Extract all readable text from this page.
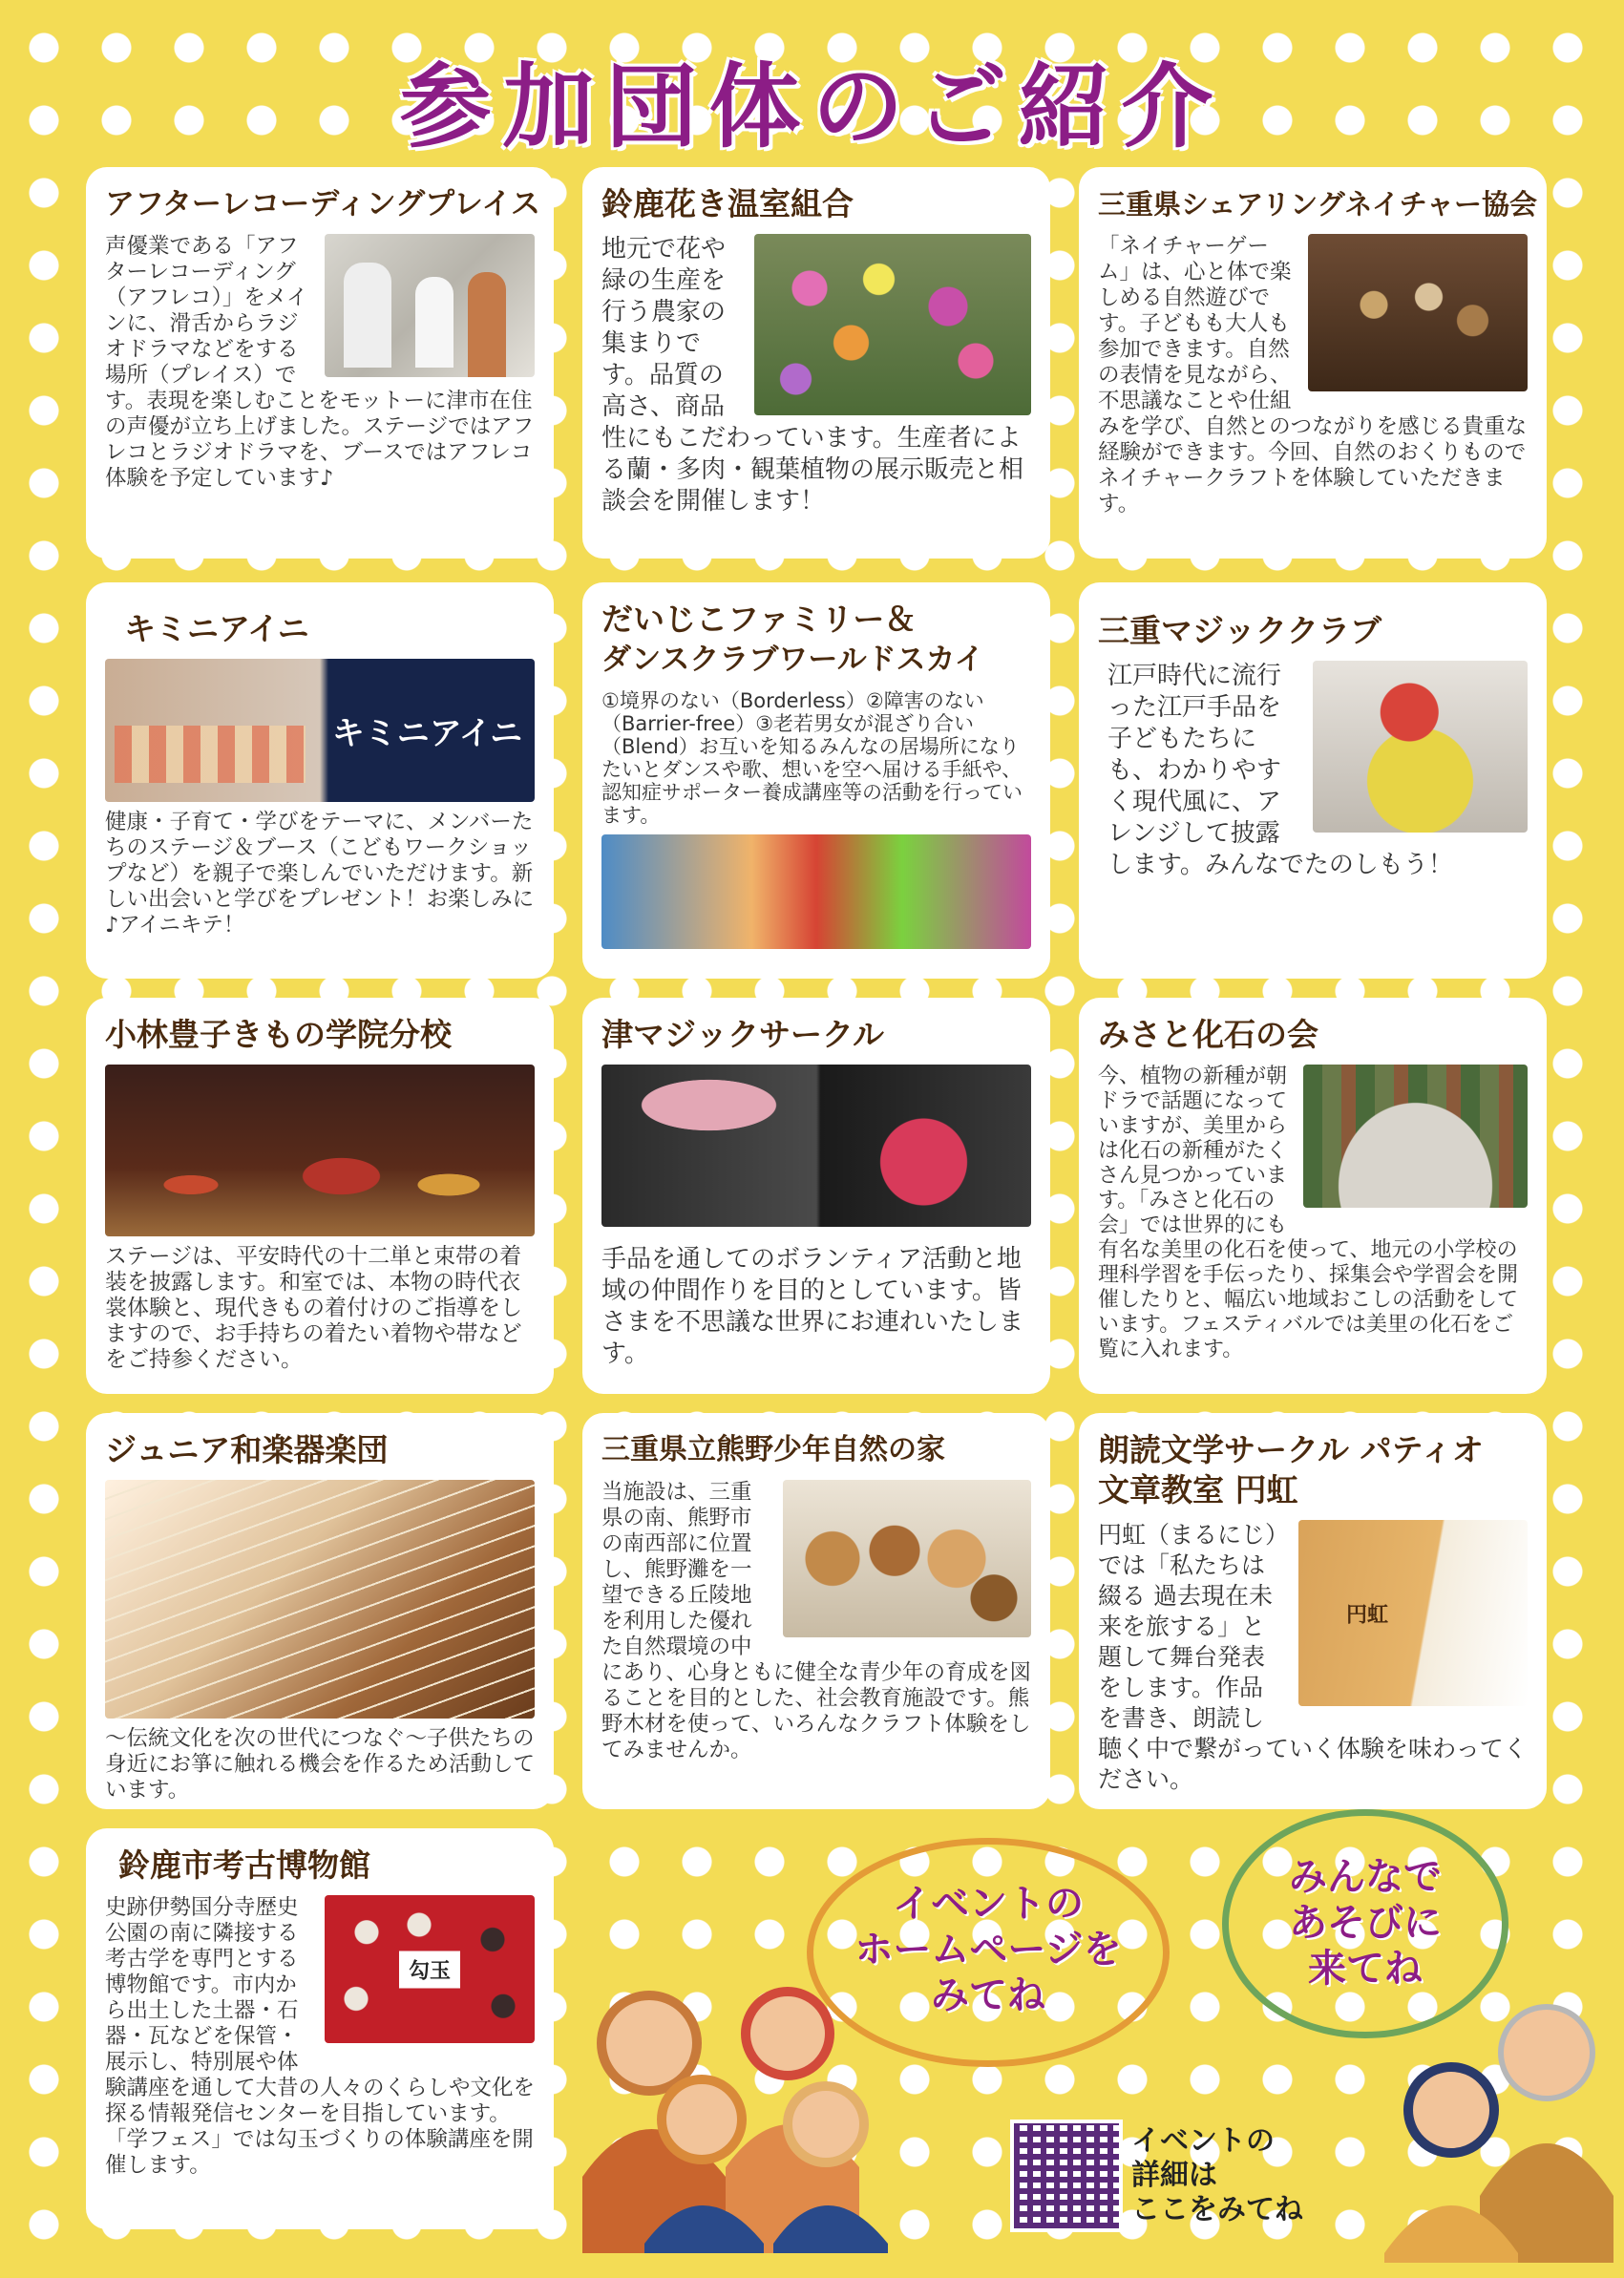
参加団体のご紹介
アフターレコーディングプレイス

声優業である「アフターレコーディング（アフレコ）」をメインに、滑舌からラジオドラマなどをする場所（プレイス）です。表現を楽しむことをモットーに津市在住の声優が立ち上げました。ステージではアフレコとラジオドラマを、ブースではアフレコ体験を予定しています♪

鈴鹿花き温室組合

地元で花や緑の生産を行う農家の集まりです。品質の高さ、商品性にもこだわっています。生産者による蘭・多肉・観葉植物の展示販売と相談会を開催します！

三重県シェアリングネイチャー協会

「ネイチャーゲーム」は、心と体で楽しめる自然遊びです。子どもも大人も参加できます。自然の表情を見ながら、不思議なことや仕組みを学び、自然とのつながりを感じる貴重な経験ができます。今回、自然のおくりものでネイチャークラフトを体験していただきます。

キミニアイニ
キミニアイニ

健康・子育て・学びをテーマに、メンバーたちのステージ＆ブース（こどもワークショップなど）を親子で楽しんでいただけます。新しい出会いと学びをプレゼント！お楽しみに♪アイニキテ！

だいじこファミリー＆
ダンスクラブワールドスカイ

①境界のない（Borderless）②障害のない（Barrier-free）③老若男女が混ざり合い（Blend）お互いを知るみんなの居場所になりたいとダンスや歌、想いを空へ届ける手紙や、認知症サポーター養成講座等の活動を行っています。

三重マジッククラブ

江戸時代に流行った江戸手品を子どもたちにも、わかりやすく現代風に、アレンジして披露します。みんなでたのしもう！

小林豊子きもの学院分校

ステージは、平安時代の十二単と束帯の着装を披露します。和室では、本物の時代衣裳体験と、現代きもの着付けのご指導をしますので、お手持ちの着たい着物や帯などをご持参ください。

津マジックサークル

手品を通してのボランティア活動と地域の仲間作りを目的としています。皆さまを不思議な世界にお連れいたします。

みさと化石の会

今、植物の新種が朝ドラで話題になっていますが、美里からは化石の新種がたくさん見つかっています。「みさと化石の会」では世界的にも有名な美里の化石を使って、地元の小学校の理科学習を手伝ったり、採集会や学習会を開催したりと、幅広い地域おこしの活動をしています。フェスティバルでは美里の化石をご覧に入れます。

ジュニア和楽器楽団

〜伝統文化を次の世代につなぐ〜子供たちの身近にお箏に触れる機会を作るため活動しています。

三重県立熊野少年自然の家

当施設は、三重県の南、熊野市の南西部に位置し、熊野灘を一望できる丘陵地を利用した優れた自然環境の中にあり、心身ともに健全な青少年の育成を図ることを目的とした、社会教育施設です。熊野木材を使って、いろんなクラフト体験をしてみませんか。

朗読文学サークル パティオ
文章教室 円虹
円虹

円虹（まるにじ）では「私たちは綴る 過去現在未来を旅する」と題して舞台発表をします。作品を書き、朗読し聴く中で繋がっていく体験を味わってください。

鈴鹿市考古博物館
勾玉

史跡伊勢国分寺歴史公園の南に隣接する考古学を専門とする博物館です。市内から出土した土器・石器・瓦などを保管・展示し、特別展や体験講座を通して大昔の人々のくらしや文化を探る情報発信センターを目指しています。「学フェス」では勾玉づくりの体験講座を開催します。

イベントの
ホームページを
みてね
みんなで
あそびに
来てね
イベントの
詳細は
ここをみてね
